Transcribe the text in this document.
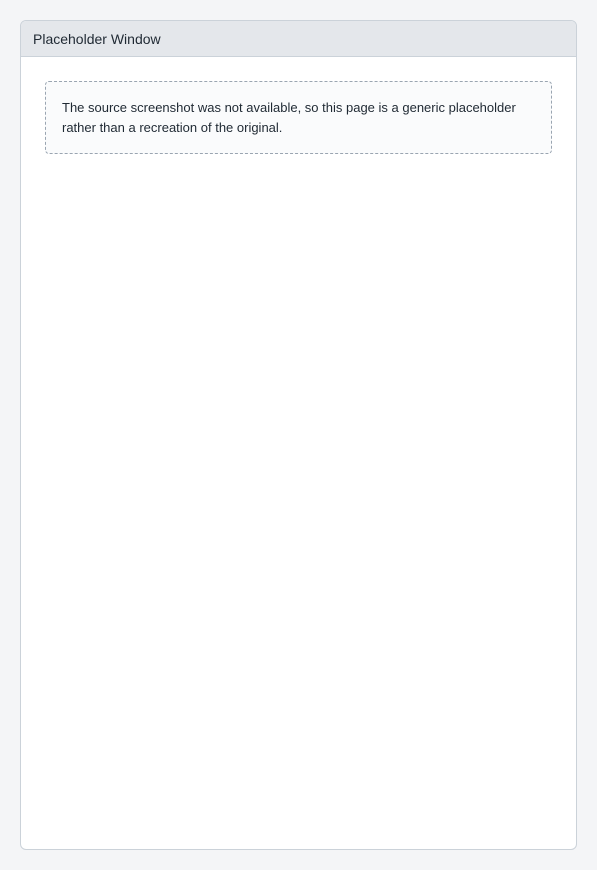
Placeholder Window

The source screenshot was not available, so this page is a generic placeholder rather than a recreation of the original.
